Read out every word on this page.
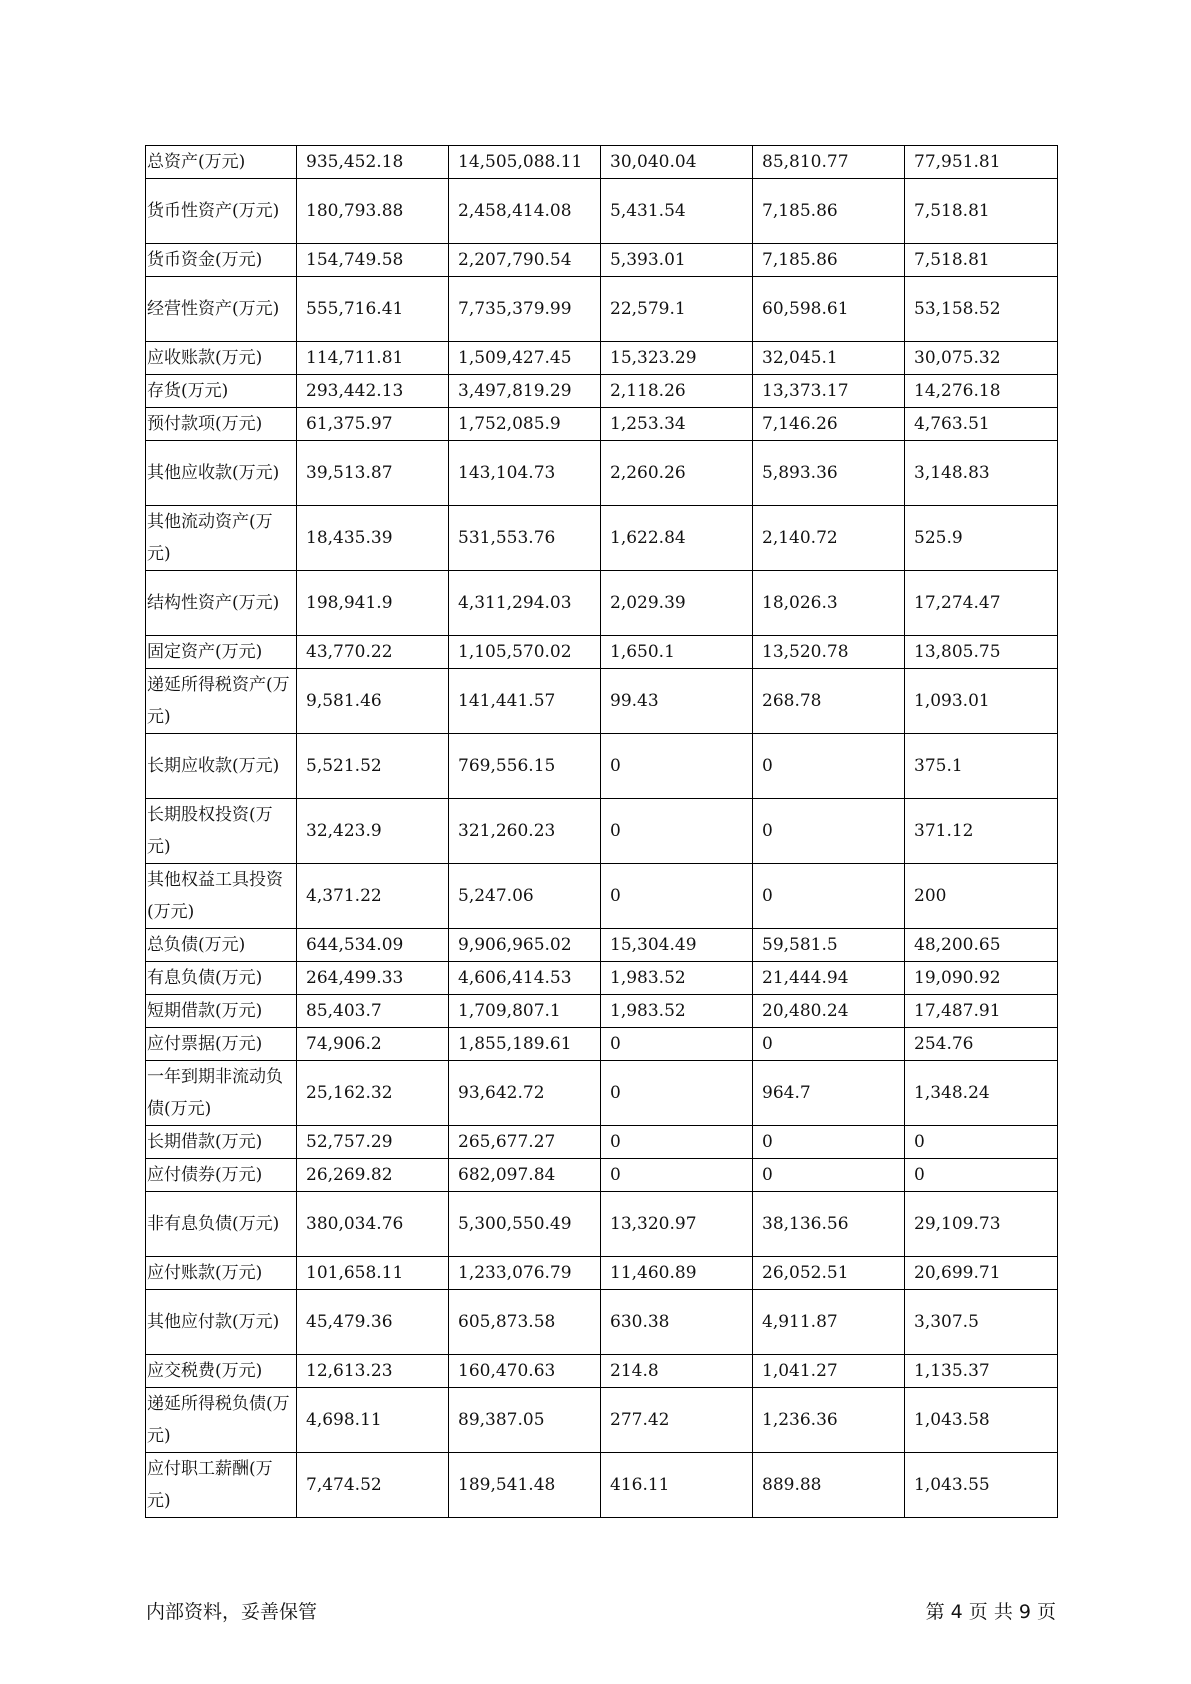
总资产(万元)	935,452.18	14,505,088.11	30,040.04	85,810.77	77,951.81
货币性资产(万元)	180,793.88	2,458,414.08	5,431.54	7,185.86	7,518.81
货币资金(万元)	154,749.58	2,207,790.54	5,393.01	7,185.86	7,518.81
经营性资产(万元)	555,716.41	7,735,379.99	22,579.1	60,598.61	53,158.52
应收账款(万元)	114,711.81	1,509,427.45	15,323.29	32,045.1	30,075.32
存货(万元)	293,442.13	3,497,819.29	2,118.26	13,373.17	14,276.18
预付款项(万元)	61,375.97	1,752,085.9	1,253.34	7,146.26	4,763.51
其他应收款(万元)	39,513.87	143,104.73	2,260.26	5,893.36	3,148.83
其他流动资产(万元)	18,435.39	531,553.76	1,622.84	2,140.72	525.9
结构性资产(万元)	198,941.9	4,311,294.03	2,029.39	18,026.3	17,274.47
固定资产(万元)	43,770.22	1,105,570.02	1,650.1	13,520.78	13,805.75
递延所得税资产(万元)	9,581.46	141,441.57	99.43	268.78	1,093.01
长期应收款(万元)	5,521.52	769,556.15	0	0	375.1
长期股权投资(万元)	32,423.9	321,260.23	0	0	371.12
其他权益工具投资(万元)	4,371.22	5,247.06	0	0	200
总负债(万元)	644,534.09	9,906,965.02	15,304.49	59,581.5	48,200.65
有息负债(万元)	264,499.33	4,606,414.53	1,983.52	21,444.94	19,090.92
短期借款(万元)	85,403.7	1,709,807.1	1,983.52	20,480.24	17,487.91
应付票据(万元)	74,906.2	1,855,189.61	0	0	254.76
一年到期非流动负债(万元)	25,162.32	93,642.72	0	964.7	1,348.24
长期借款(万元)	52,757.29	265,677.27	0	0	0
应付债券(万元)	26,269.82	682,097.84	0	0	0
非有息负债(万元)	380,034.76	5,300,550.49	13,320.97	38,136.56	29,109.73
应付账款(万元)	101,658.11	1,233,076.79	11,460.89	26,052.51	20,699.71
其他应付款(万元)	45,479.36	605,873.58	630.38	4,911.87	3,307.5
应交税费(万元)	12,613.23	160,470.63	214.8	1,041.27	1,135.37
递延所得税负债(万元)	4,698.11	89,387.05	277.42	1,236.36	1,043.58
应付职工薪酬(万元)	7,474.52	189,541.48	416.11	889.88	1,043.55
内部资料，妥善保管	第 4 页 共 9 页
